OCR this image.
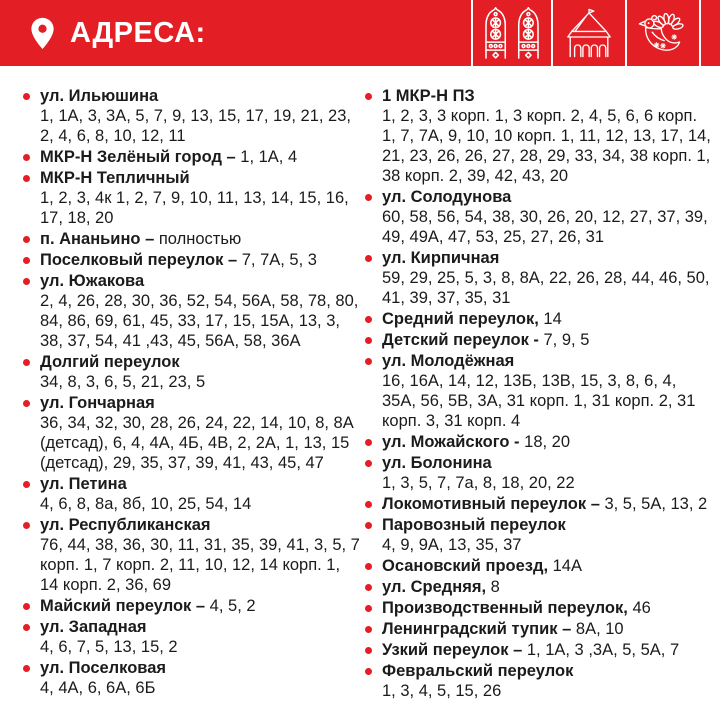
АДРЕСА:
ул. Ильюшина
1, 1А, 3, 3А, 5, 7, 9, 13, 15, 17, 19, 21, 23, 2, 4, 6, 8, 10, 12, 11
МКР-Н Зелёный город – 1, 1А, 4
МКР-Н Тепличный
1, 2, 3, 4к 1, 2, 7, 9, 10, 11, 13, 14, 15, 16, 17, 18, 20
п. Ананьино – полностью
Поселковый переулок – 7, 7А, 5, 3
ул. Южакова
2, 4, 26, 28, 30, 36, 52, 54, 56А, 58, 78, 80, 84, 86, 69, 61, 45, 33, 17, 15, 15А, 13, 3, 38, 37, 54, 41 ,43, 45, 56А, 58, 36А
Долгий переулок
34, 8, 3, 6, 5, 21, 23, 5
ул. Гончарная
36, 34, 32, 30, 28, 26, 24, 22, 14, 10, 8, 8А (детсад), 6, 4, 4А, 4Б, 4В, 2, 2А, 1, 13, 15 (детсад), 29, 35, 37, 39, 41, 43, 45, 47
ул. Петина
4, 6, 8, 8а, 8б, 10, 25, 54, 14
ул. Республиканская
76, 44, 38, 36, 30, 11, 31, 35, 39, 41, 3, 5, 7 корп. 1, 7 корп. 2, 11, 10, 12, 14 корп. 1, 14 корп. 2, 36, 69
Майский переулок – 4, 5, 2
ул. Западная
4, 6, 7, 5, 13, 15, 2
ул. Поселковая
4, 4А, 6, 6А, 6Б
1 МКР-Н ПЗ
1, 2, 3, 3 корп. 1, 3 корп. 2, 4, 5, 6, 6 корп. 1, 7, 7А, 9, 10, 10 корп. 1, 11, 12, 13, 17, 14, 21, 23, 26, 26, 27, 28, 29, 33, 34, 38 корп. 1, 38 корп. 2, 39, 42, 43, 20
ул. Солодунова
60, 58, 56, 54, 38, 30, 26, 20, 12, 27, 37, 39, 49, 49А, 47, 53, 25, 27, 26, 31
ул. Кирпичная
59, 29, 25, 5, 3, 8, 8А, 22, 26, 28, 44, 46, 50, 41, 39, 37, 35, 31
Средний переулок, 14
Детский переулок - 7, 9, 5
ул. Молодёжная
16, 16А, 14, 12, 13Б, 13В, 15, 3, 8, 6, 4, 35А, 56, 5В, 3А, 31 корп. 1, 31 корп. 2, 31 корп. 3, 31 корп. 4
ул. Можайского - 18, 20
ул. Болонина
1, 3, 5, 7, 7а, 8, 18, 20, 22
Локомотивный переулок – 3, 5, 5А, 13, 2
Паровозный переулок
4, 9, 9А, 13, 35, 37
Осановский проезд, 14А
ул. Средняя, 8
Производственный переулок, 46
Ленинградский тупик – 8А, 10
Узкий переулок – 1, 1А, 3 ,3А, 5, 5А, 7
Февральский переулок
1, 3, 4, 5, 15, 26
